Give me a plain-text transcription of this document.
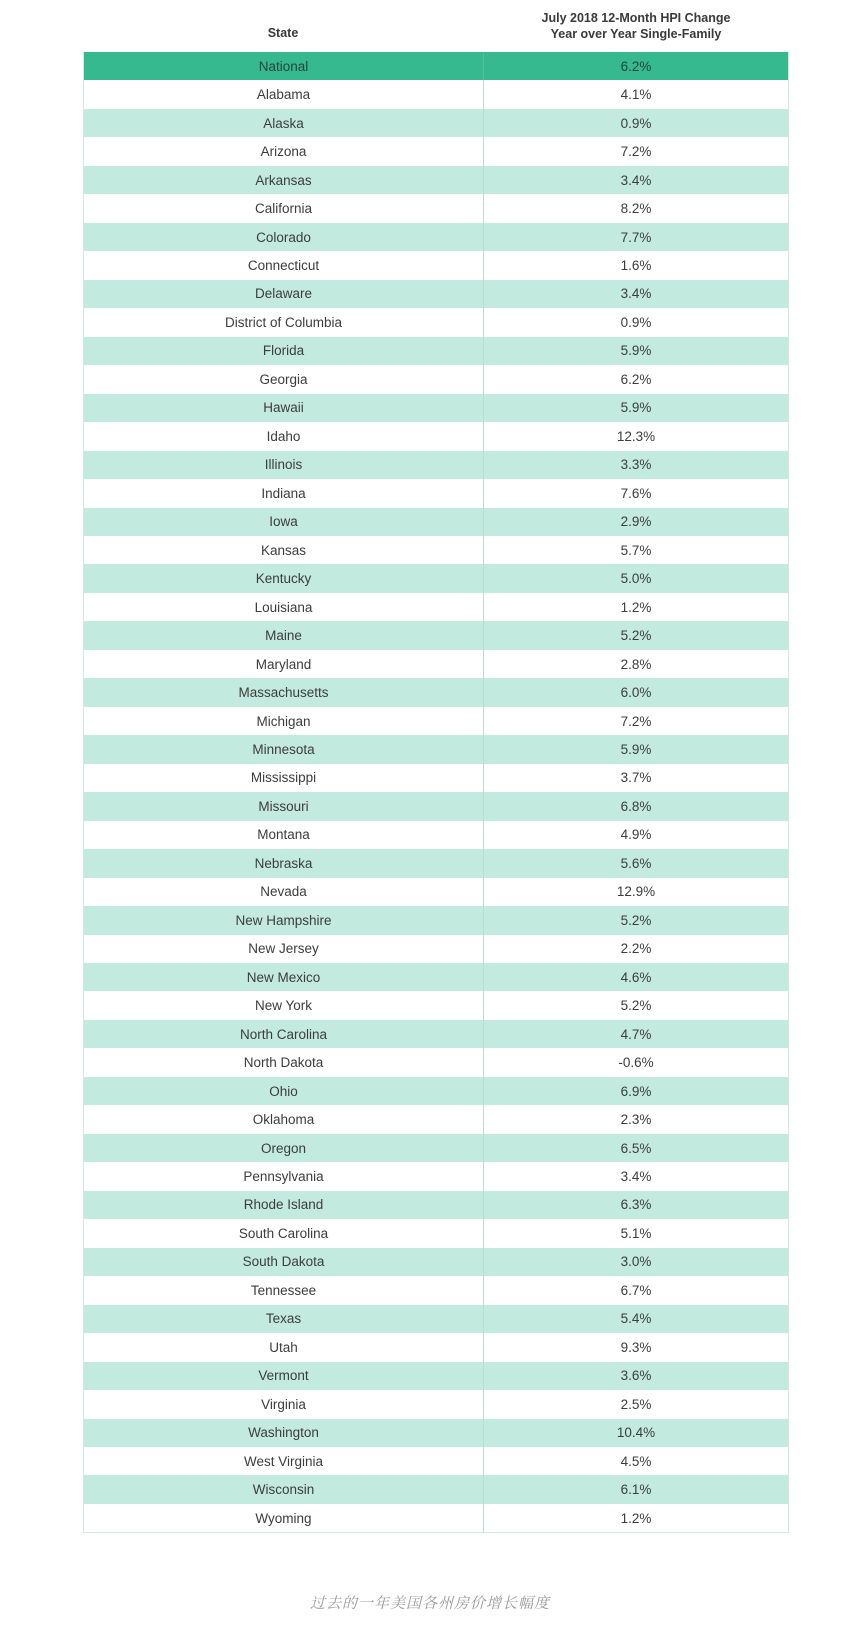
State
July 2018 12-Month HPI Change
Year over Year Single-Family
National	6.2%
Alabama	4.1%
Alaska	0.9%
Arizona	7.2%
Arkansas	3.4%
California	8.2%
Colorado	7.7%
Connecticut	1.6%
Delaware	3.4%
District of Columbia	0.9%
Florida	5.9%
Georgia	6.2%
Hawaii	5.9%
Idaho	12.3%
Illinois	3.3%
Indiana	7.6%
Iowa	2.9%
Kansas	5.7%
Kentucky	5.0%
Louisiana	1.2%
Maine	5.2%
Maryland	2.8%
Massachusetts	6.0%
Michigan	7.2%
Minnesota	5.9%
Mississippi	3.7%
Missouri	6.8%
Montana	4.9%
Nebraska	5.6%
Nevada	12.9%
New Hampshire	5.2%
New Jersey	2.2%
New Mexico	4.6%
New York	5.2%
North Carolina	4.7%
North Dakota	-0.6%
Ohio	6.9%
Oklahoma	2.3%
Oregon	6.5%
Pennsylvania	3.4%
Rhode Island	6.3%
South Carolina	5.1%
South Dakota	3.0%
Tennessee	6.7%
Texas	5.4%
Utah	9.3%
Vermont	3.6%
Virginia	2.5%
Washington	10.4%
West Virginia	4.5%
Wisconsin	6.1%
Wyoming	1.2%
过去的一年美国各州房价增长幅度
